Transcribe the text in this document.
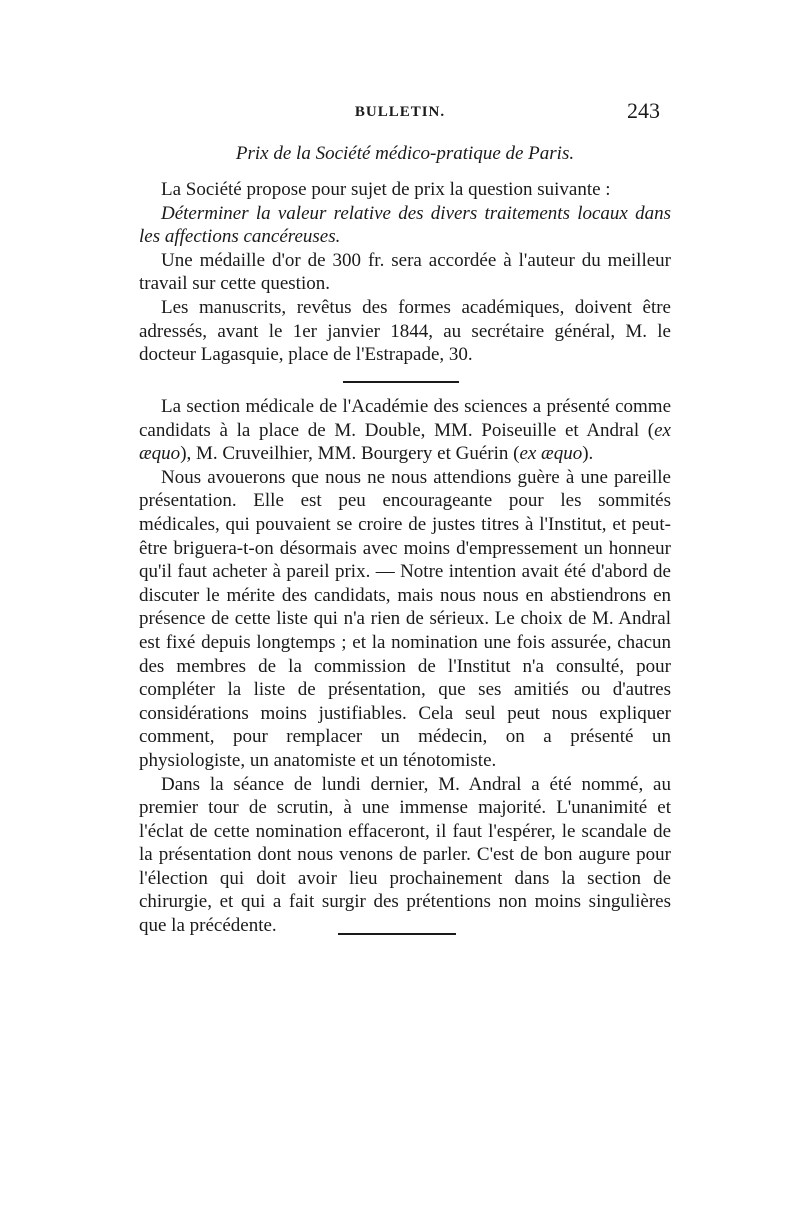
BULLETIN.	243
Prix de la Société médico-pratique de Paris.

La Société propose pour sujet de prix la question suivante :

Déterminer la valeur relative des divers traitements locaux dans les affections cancéreuses.

Une médaille d'or de 300 fr. sera accordée à l'auteur du meilleur travail sur cette question.

Les manuscrits, revêtus des formes académiques, doivent être adressés, avant le 1er janvier 1844, au secrétaire général, M. le docteur Lagasquie, place de l'Estrapade, 30.

La section médicale de l'Académie des sciences a présenté comme candidats à la place de M. Double, MM. Poiseuille et Andral (ex æquo), M. Cruveilhier, MM. Bourgery et Guérin (ex æquo).

Nous avouerons que nous ne nous attendions guère à une pareille présentation. Elle est peu encourageante pour les sommités médicales, qui pouvaient se croire de justes titres à l'Institut, et peut-être briguera-t-on désormais avec moins d'empressement un honneur qu'il faut acheter à pareil prix. — Notre intention avait été d'abord de discuter le mérite des candidats, mais nous nous en abstiendrons en présence de cette liste qui n'a rien de sérieux. Le choix de M. Andral est fixé depuis longtemps ; et la nomination une fois assurée, chacun des membres de la commission de l'Institut n'a consulté, pour compléter la liste de présentation, que ses amitiés ou d'autres considérations moins justifiables. Cela seul peut nous expliquer comment, pour remplacer un médecin, on a présenté un physiologiste, un anatomiste et un ténotomiste.

Dans la séance de lundi dernier, M. Andral a été nommé, au premier tour de scrutin, à une immense majorité. L'unanimité et l'éclat de cette nomination effaceront, il faut l'espérer, le scandale de la présentation dont nous venons de parler. C'est de bon augure pour l'élection qui doit avoir lieu prochainement dans la section de chirurgie, et qui a fait surgir des prétentions non moins singulières que la précédente.
